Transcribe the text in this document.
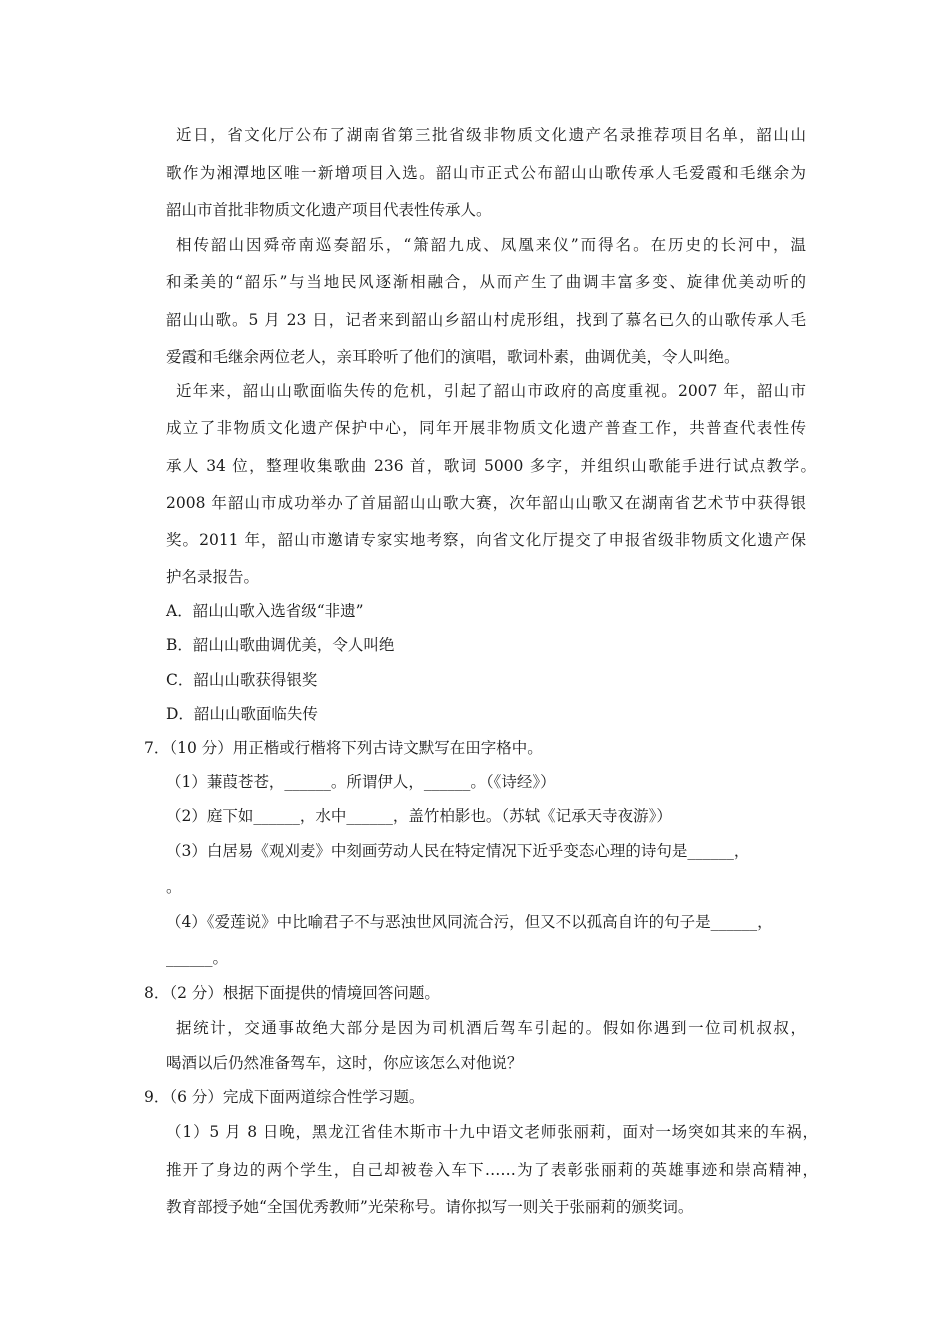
近日，省文化厅公布了湖南省第三批省级非物质文化遗产名录推荐项目名单，韶山山
歌作为湘潭地区唯一新增项目入选。韶山市正式公布韶山山歌传承人毛爱霞和毛继余为
韶山市首批非物质文化遗产项目代表性传承人。
相传韶山因舜帝南巡奏韶乐，“箫韶九成、凤凰来仪”而得名。在历史的长河中，温
和柔美的“韶乐”与当地民风逐渐相融合，从而产生了曲调丰富多变、旋律优美动听的
韶山山歌。5 月 23 日，记者来到韶山乡韶山村虎形组，找到了慕名已久的山歌传承人毛
爱霞和毛继余两位老人，亲耳聆听了他们的演唱，歌词朴素，曲调优美，令人叫绝。
近年来，韶山山歌面临失传的危机，引起了韶山市政府的高度重视。2007 年，韶山市
成立了非物质文化遗产保护中心，同年开展非物质文化遗产普查工作，共普查代表性传
承人 34 位，整理收集歌曲 236 首，歌词 5000 多字，并组织山歌能手进行试点教学。
2008 年韶山市成功举办了首届韶山山歌大赛，次年韶山山歌又在湖南省艺术节中获得银
奖。2011 年，韶山市邀请专家实地考察，向省文化厅提交了申报省级非物质文化遗产保
护名录报告。
A．韶山山歌入选省级“非遗”
B．韶山山歌曲调优美，令人叫绝
C．韶山山歌获得银奖
D．韶山山歌面临失传
7．（10 分）用正楷或行楷将下列古诗文默写在田字格中。
（1）蒹葭苍苍，______。所谓伊人，______。（《诗经》）
（2）庭下如______，水中______，盖竹柏影也。（苏轼《记承天寺夜游》）
（3）白居易《观刈麦》中刻画劳动人民在特定情况下近乎变态心理的诗句是______，
。
（4）《爱莲说》中比喻君子不与恶浊世风同流合污，但又不以孤高自许的句子是______，
______。
8．（2 分）根据下面提供的情境回答问题。
据统计，交通事故绝大部分是因为司机酒后驾车引起的。假如你遇到一位司机叔叔，
喝酒以后仍然准备驾车，这时，你应该怎么对他说？
9．（6 分）完成下面两道综合性学习题。
（1）5 月 8 日晚，黑龙江省佳木斯市十九中语文老师张丽莉，面对一场突如其来的车祸，
推开了身边的两个学生，自己却被卷入车下……为了表彰张丽莉的英雄事迹和崇高精神，
教育部授予她“全国优秀教师”光荣称号。请你拟写一则关于张丽莉的颁奖词。
